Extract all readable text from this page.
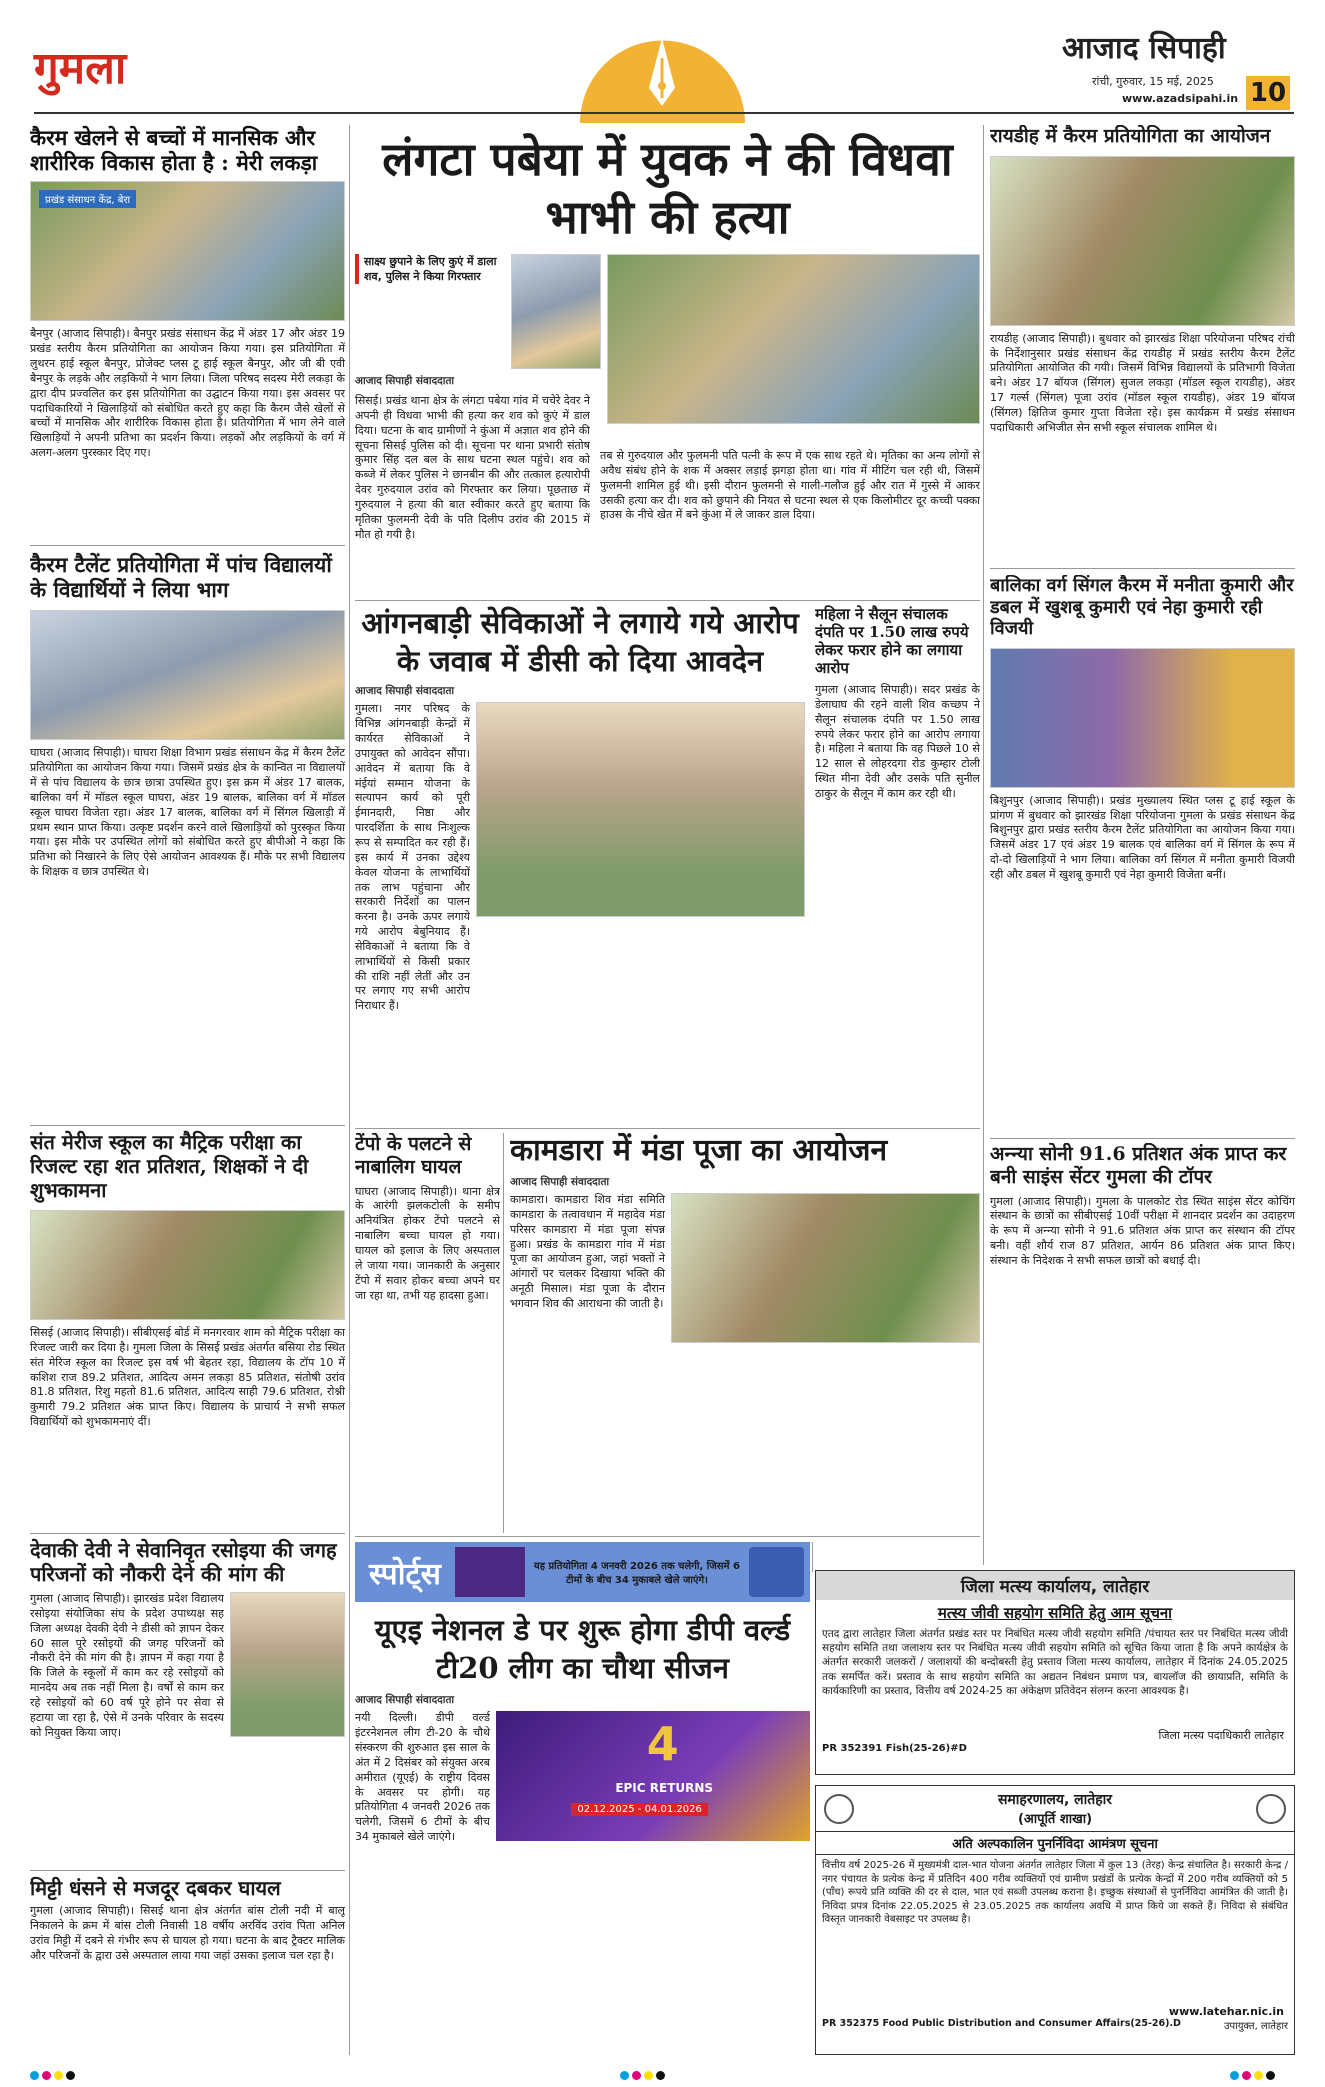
गुमला	आजाद सिपाही
रांची, गुरुवार, 15 मई, 2025
www.azadsipahi.in 10
कैरम खेलने से बच्चों में मानसिक और शारीरिक विकास होता है : मेरी लकड़ा
प्रखंड संसाधन केंद्र, बेरा
बैनपुर (आजाद सिपाही)। बैनपुर प्रखंड संसाधन केंद्र में अंडर 17 और अंडर 19 प्रखंड स्तरीय कैरम प्रतियोगिता का आयोजन किया गया। इस प्रतियोगिता में लुथरन हाई स्कूल बैनपुर, प्रोजेक्ट प्लस टू हाई स्कूल बैनपुर, और जी बी एवी बैनपुर के लड़के और लड़कियों ने भाग लिया। जिला परिषद सदस्य मेरी लकड़ा के द्वारा दीप प्रज्वलित कर इस प्रतियोगिता का उद्घाटन किया गया। इस अवसर पर पदाधिकारियों ने खिलाड़ियों को संबोधित करते हुए कहा कि कैरम जैसे खेलों से बच्चों में मानसिक और शारीरिक विकास होता है। प्रतियोगिता में भाग लेने वाले खिलाड़ियों ने अपनी प्रतिभा का प्रदर्शन किया। लड़कों और लड़कियों के वर्ग में अलग-अलग पुरस्कार दिए गए।
कैरम टैलेंट प्रतियोगिता में पांच विद्यालयों के विद्यार्थियों ने लिया भाग
घाघरा (आजाद सिपाही)। घाघरा शिक्षा विभाग प्रखंड संसाधन केंद्र में कैरम टैलेंट प्रतियोगिता का आयोजन किया गया। जिसमें प्रखंड क्षेत्र के कान्वित ना विद्यालयों में से पांच विद्यालय के छात्र छात्रा उपस्थित हुए। इस क्रम में अंडर 17 बालक, बालिका वर्ग में मॉडल स्कूल घाघरा, अंडर 19 बालक, बालिका वर्ग में मॉडल स्कूल घाघरा विजेता रहा। अंडर 17 बालक, बालिका वर्ग में सिंगल खिलाड़ी में प्रथम स्थान प्राप्त किया। उत्कृष्ट प्रदर्शन करने वाले खिलाड़ियों को पुरस्कृत किया गया। इस मौके पर उपस्थित लोगों को संबोधित करते हुए बीपीओ ने कहा कि प्रतिभा को निखारने के लिए ऐसे आयोजन आवश्यक हैं। मौके पर सभी विद्यालय के शिक्षक व छात्र उपस्थित थे।
संत मेरीज स्कूल का मैट्रिक परीक्षा का रिजल्ट रहा शत प्रतिशत, शिक्षकों ने दी शुभकामना
सिसई (आजाद सिपाही)। सीबीएसई बोर्ड में मनगरवार शाम को मैट्रिक परीक्षा का रिजल्ट जारी कर दिया है। गुमला जिला के सिसई प्रखंड अंतर्गत बसिया रोड स्थित संत मेरिज स्कूल का रिजल्ट इस वर्ष भी बेहतर रहा, विद्यालय के टॉप 10 में कशिश राज 89.2 प्रतिशत, आदित्य अमन लकड़ा 85 प्रतिशत, संतोषी उरांव 81.8 प्रतिशत, रिशु महतो 81.6 प्रतिशत, आदित्य साही 79.6 प्रतिशत, रोश्नी कुमारी 79.2 प्रतिशत अंक प्राप्त किए। विद्यालय के प्राचार्य ने सभी सफल विद्यार्थियों को शुभकामनाएं दीं।
देवाकी देवी ने सेवानिवृत रसोइया की जगह परिजनों को नौकरी देने की मांग की
गुमला (आजाद सिपाही)। झारखंड प्रदेश विद्यालय रसोइया संयोजिका संघ के प्रदेश उपाध्यक्ष सह जिला अध्यक्ष देवकी देवी ने डीसी को ज्ञापन देकर 60 साल पूरे रसोइयों की जगह परिजनों को नौकरी देने की मांग की है। ज्ञापन में कहा गया है कि जिले के स्कूलों में काम कर रहे रसोइयों को मानदेय अब तक नहीं मिला है। वर्षों से काम कर रहे रसोइयों को 60 वर्ष पूरे होने पर सेवा से हटाया जा रहा है, ऐसे में उनके परिवार के सदस्य को नियुक्त किया जाए।
मिट्टी धंसने से मजदूर दबकर घायल
गुमला (आजाद सिपाही)। सिसई थाना क्षेत्र अंतर्गत बांस टोली नदी में बालू निकालने के क्रम में बांस टोली निवासी 18 वर्षीय अरविंद उरांव पिता अनिल उरांव मिट्टी में दबने से गंभीर रूप से घायल हो गया। घटना के बाद ट्रैक्टर मालिक और परिजनों के द्वारा उसे अस्पताल लाया गया जहां उसका इलाज चल रहा है।
लंगटा पबेया में युवक ने की विधवा भाभी की हत्या
साक्ष्य छुपाने के लिए कुएं में डाला शव, पुलिस ने किया गिरफ्तार
आजाद सिपाही संवाददाता
सिसई। प्रखंड थाना क्षेत्र के लंगटा पबेया गांव में चचेरे देवर ने अपनी ही विधवा भाभी की हत्या कर शव को कुएं में डाल दिया। घटना के बाद ग्रामीणों ने कुंआ में अज्ञात शव होने की सूचना सिसई पुलिस को दी। सूचना पर थाना प्रभारी संतोष कुमार सिंह दल बल के साथ घटना स्थल पहुंचे। शव को कब्जे में लेकर पुलिस ने छानबीन की और तत्काल हत्यारोपी देवर गुरुदयाल उरांव को गिरफ्तार कर लिया। पूछताछ में गुरुदयाल ने हत्या की बात स्वीकार करते हुए बताया कि मृतिका फुलमनी देवी के पति दिलीप उरांव की 2015 में मौत हो गयी है।
तब से गुरुदयाल और फुलमनी पति पत्नी के रूप में एक साथ रहते थे। मृतिका का अन्य लोगों से अवैध संबंध होने के शक में अक्सर लड़ाई झगड़ा होता था। गांव में मीटिंग चल रही थी, जिसमें फुलमनी शामिल हुई थी। इसी दौरान फुलमनी से गाली-गलौज हुई और रात में गुस्से में आकर उसकी हत्या कर दी। शव को छुपाने की नियत से घटना स्थल से एक किलोमीटर दूर कच्ची पक्का हाउस के नीचे खेत में बने कुंआ में ले जाकर डाल दिया।
आंगनबाड़ी सेविकाओं ने लगाये गये आरोप के जवाब में डीसी को दिया आवदेन
आजाद सिपाही संवाददाता
गुमला। नगर परिषद के विभिन्न आंगनबाड़ी केन्द्रों में कार्यरत सेविकाओं ने उपायुक्त को आवेदन सौंपा। आवेदन में बताया कि वे मंईयां सम्मान योजना के सत्यापन कार्य को पूरी ईमानदारी, निष्ठा और पारदर्शिता के साथ निःशुल्क रूप से सम्पादित कर रही हैं। इस कार्य में उनका उद्देश्य केवल योजना के लाभार्थियों तक लाभ पहुंचाना और सरकारी निर्देशों का पालन करना है। उनके ऊपर लगाये गये आरोप बेबुनियाद हैं। सेविकाओं ने बताया कि वे लाभार्थियों से किसी प्रकार की राशि नहीं लेतीं और उन पर लगाए गए सभी आरोप निराधार हैं।
महिला ने सैलून संचालक दंपति पर 1.50 लाख रुपये लेकर फरार होने का लगाया आरोप
गुमला (आजाद सिपाही)। सदर प्रखंड के डेलाघाघ की रहने वाली शिव कच्छप ने सैलून संचालक दंपति पर 1.50 लाख रुपये लेकर फरार होने का आरोप लगाया है। महिला ने बताया कि वह पिछले 10 से 12 साल से लोहरदगा रोड कुम्हार टोली स्थित मीना देवी और उसके पति सुनील ठाकुर के सैलून में काम कर रही थी।
टेंपो के पलटने से नाबालिग घायल
घाघरा (आजाद सिपाही)। थाना क्षेत्र के आरंगी झलकटोली के समीप अनियंत्रित होकर टेंपो पलटने से नाबालिग बच्चा घायल हो गया। घायल को इलाज के लिए अस्पताल ले जाया गया। जानकारी के अनुसार टेंपो में सवार होकर बच्चा अपने घर जा रहा था, तभी यह हादसा हुआ।
कामडारा में मंडा पूजा का आयोजन
आजाद सिपाही संवाददाता
कामडारा। कामडारा शिव मंडा समिति कामडारा के तत्वावधान में महादेव मंडा परिसर कामडारा में मंडा पूजा संपन्न हुआ। प्रखंड के कामडारा गांव में मंडा पूजा का आयोजन हुआ, जहां भक्तों ने आंगारों पर चलकर दिखाया भक्ति की अनूठी मिसाल। मंडा पूजा के दौरान भगवान शिव की आराधना की जाती है।
स्पोर्ट्स	यह प्रतियोगिता 4 जनवरी 2026 तक चलेगी, जिसमें 6 टीमों के बीच 34 मुकाबले खेले जाएंगे।
यूएइ नेशनल डे पर शुरू होगा डीपी वर्ल्ड टी20 लीग का चौथा सीजन
आजाद सिपाही संवाददाता
नयी दिल्ली। डीपी वर्ल्ड इंटरनेशनल लीग टी-20 के चौथे संस्करण की शुरुआत इस साल के अंत में 2 दिसंबर को संयुक्त अरब अमीरात (यूएई) के राष्ट्रीय दिवस के अवसर पर होगी। यह प्रतियोगिता 4 जनवरी 2026 तक चलेगी, जिसमें 6 टीमों के बीच 34 मुकाबले खेले जाएंगे।
4
EPIC RETURNS
02.12.2025 - 04.01.2026
जिला मत्स्य कार्यालय, लातेहार
मत्स्य जीवी सहयोग समिति हेतु आम सूचना
एतद द्वारा लातेहार जिला अंतर्गत प्रखंड स्तर पर निबंधित मत्स्य जीवी सहयोग समिति /पंचायत स्तर पर निबंधित मत्स्य जीवी सहयोग समिति तथा जलाशय स्तर पर निबंधित मत्स्य जीवी सहयोग समिति को सूचित किया जाता है कि अपने कार्यक्षेत्र के अंतर्गत सरकारी जलकरों / जलाशयों की बन्दोबस्ती हेतु प्रस्ताव जिला मत्स्य कार्यालय, लातेहार में दिनांक 24.05.2025 तक समर्पित करें। प्रस्ताव के साथ सहयोग समिति का अद्यतन निबंधन प्रमाण पत्र, बायलॉज की छायाप्रति, समिति के कार्यकारिणी का प्रस्ताव, वित्तीय वर्ष 2024-25 का अंकेक्षण प्रतिवेदन संलग्न करना आवश्यक है।
जिला मत्स्य पदाधिकारी लातेहार
PR 352391 Fish(25-26)#D
समाहरणालय, लातेहार
(आपूर्ति शाखा)
अति अल्पकालिन पुनर्निविदा आमंत्रण सूचना
वित्तीय वर्ष 2025-26 में मुख्यमंत्री दाल-भात योजना अंतर्गत लातेहार जिला में कुल 13 (तेरह) केन्द्र संचालित है। सरकारी केन्द्र / नगर पंचायत के प्रत्येक केन्द्र में प्रतिदिन 400 गरीब व्यक्तियों एवं ग्रामीण प्रखंडों के प्रत्येक केन्द्रों में 200 गरीब व्यक्तियों को 5 (पाँच) रूपये प्रति व्यक्ति की दर से दाल, भात एवं सब्जी उपलब्ध कराना है। इच्छुक संस्थाओं से पुनर्निविदा आमंत्रित की जाती है। निविदा प्रपत्र दिनांक 22.05.2025 से 23.05.2025 तक कार्यालय अवधि में प्राप्त किये जा सकते हैं। निविदा से संबंधित विस्तृत जानकारी वेबसाइट पर उपलब्ध है।
www.latehar.nic.in
PR 352375 Food Public Distribution and Consumer Affairs(25-26).D	उपायुक्त, लातेहार
रायडीह में कैरम प्रतियोगिता का आयोजन
रायडीह (आजाद सिपाही)। बुधवार को झारखंड शिक्षा परियोजना परिषद रांची के निर्देशानुसार प्रखंड संसाधन केंद्र रायडीह में प्रखंड स्तरीय कैरम टैलेंट प्रतियोगिता आयोजित की गयी। जिसमें विभिन्न विद्यालयों के प्रतिभागी विजेता बने। अंडर 17 बॉयज (सिंगल) सुजल लकड़ा (मॉडल स्कूल रायडीह), अंडर 17 गर्ल्स (सिंगल) पूजा उरांव (मॉडल स्कूल रायडीह), अंडर 19 बॉयज (सिंगल) क्षितिज कुमार गुप्ता विजेता रहे। इस कार्यक्रम में प्रखंड संसाधन पदाधिकारी अभिजीत सेन सभी स्कूल संचालक शामिल थे।
बालिका वर्ग सिंगल कैरम में मनीता कुमारी और डबल में खुशबू कुमारी एवं नेहा कुमारी रही विजयी
बिशुनपुर (आजाद सिपाही)। प्रखंड मुख्यालय स्थित प्लस टू हाई स्कूल के प्रांगण में बुधवार को झारखंड शिक्षा परियोजना गुमला के प्रखंड संसाधन केंद्र बिशुनपुर द्वारा प्रखंड स्तरीय कैरम टैलेंट प्रतियोगिता का आयोजन किया गया। जिसमें अंडर 17 एवं अंडर 19 बालक एवं बालिका वर्ग में सिंगल के रूप में दो-दो खिलाड़ियों ने भाग लिया। बालिका वर्ग सिंगल में मनीता कुमारी विजयी रही और डबल में खुशबू कुमारी एवं नेहा कुमारी विजेता बनीं।
अन्न्या सोनी 91.6 प्रतिशत अंक प्राप्त कर बनी साइंस सेंटर गुमला की टॉपर
गुमला (आजाद सिपाही)। गुमला के पालकोट रोड स्थित साइंस सेंटर कोचिंग संस्थान के छात्रों का सीबीएसई 10वीं परीक्षा में शानदार प्रदर्शन का उदाहरण के रूप में अन्न्या सोनी ने 91.6 प्रतिशत अंक प्राप्त कर संस्थान की टॉपर बनी। वहीं शौर्य राज 87 प्रतिशत, आर्यन 86 प्रतिशत अंक प्राप्त किए। संस्थान के निदेशक ने सभी सफल छात्रों को बधाई दी।
